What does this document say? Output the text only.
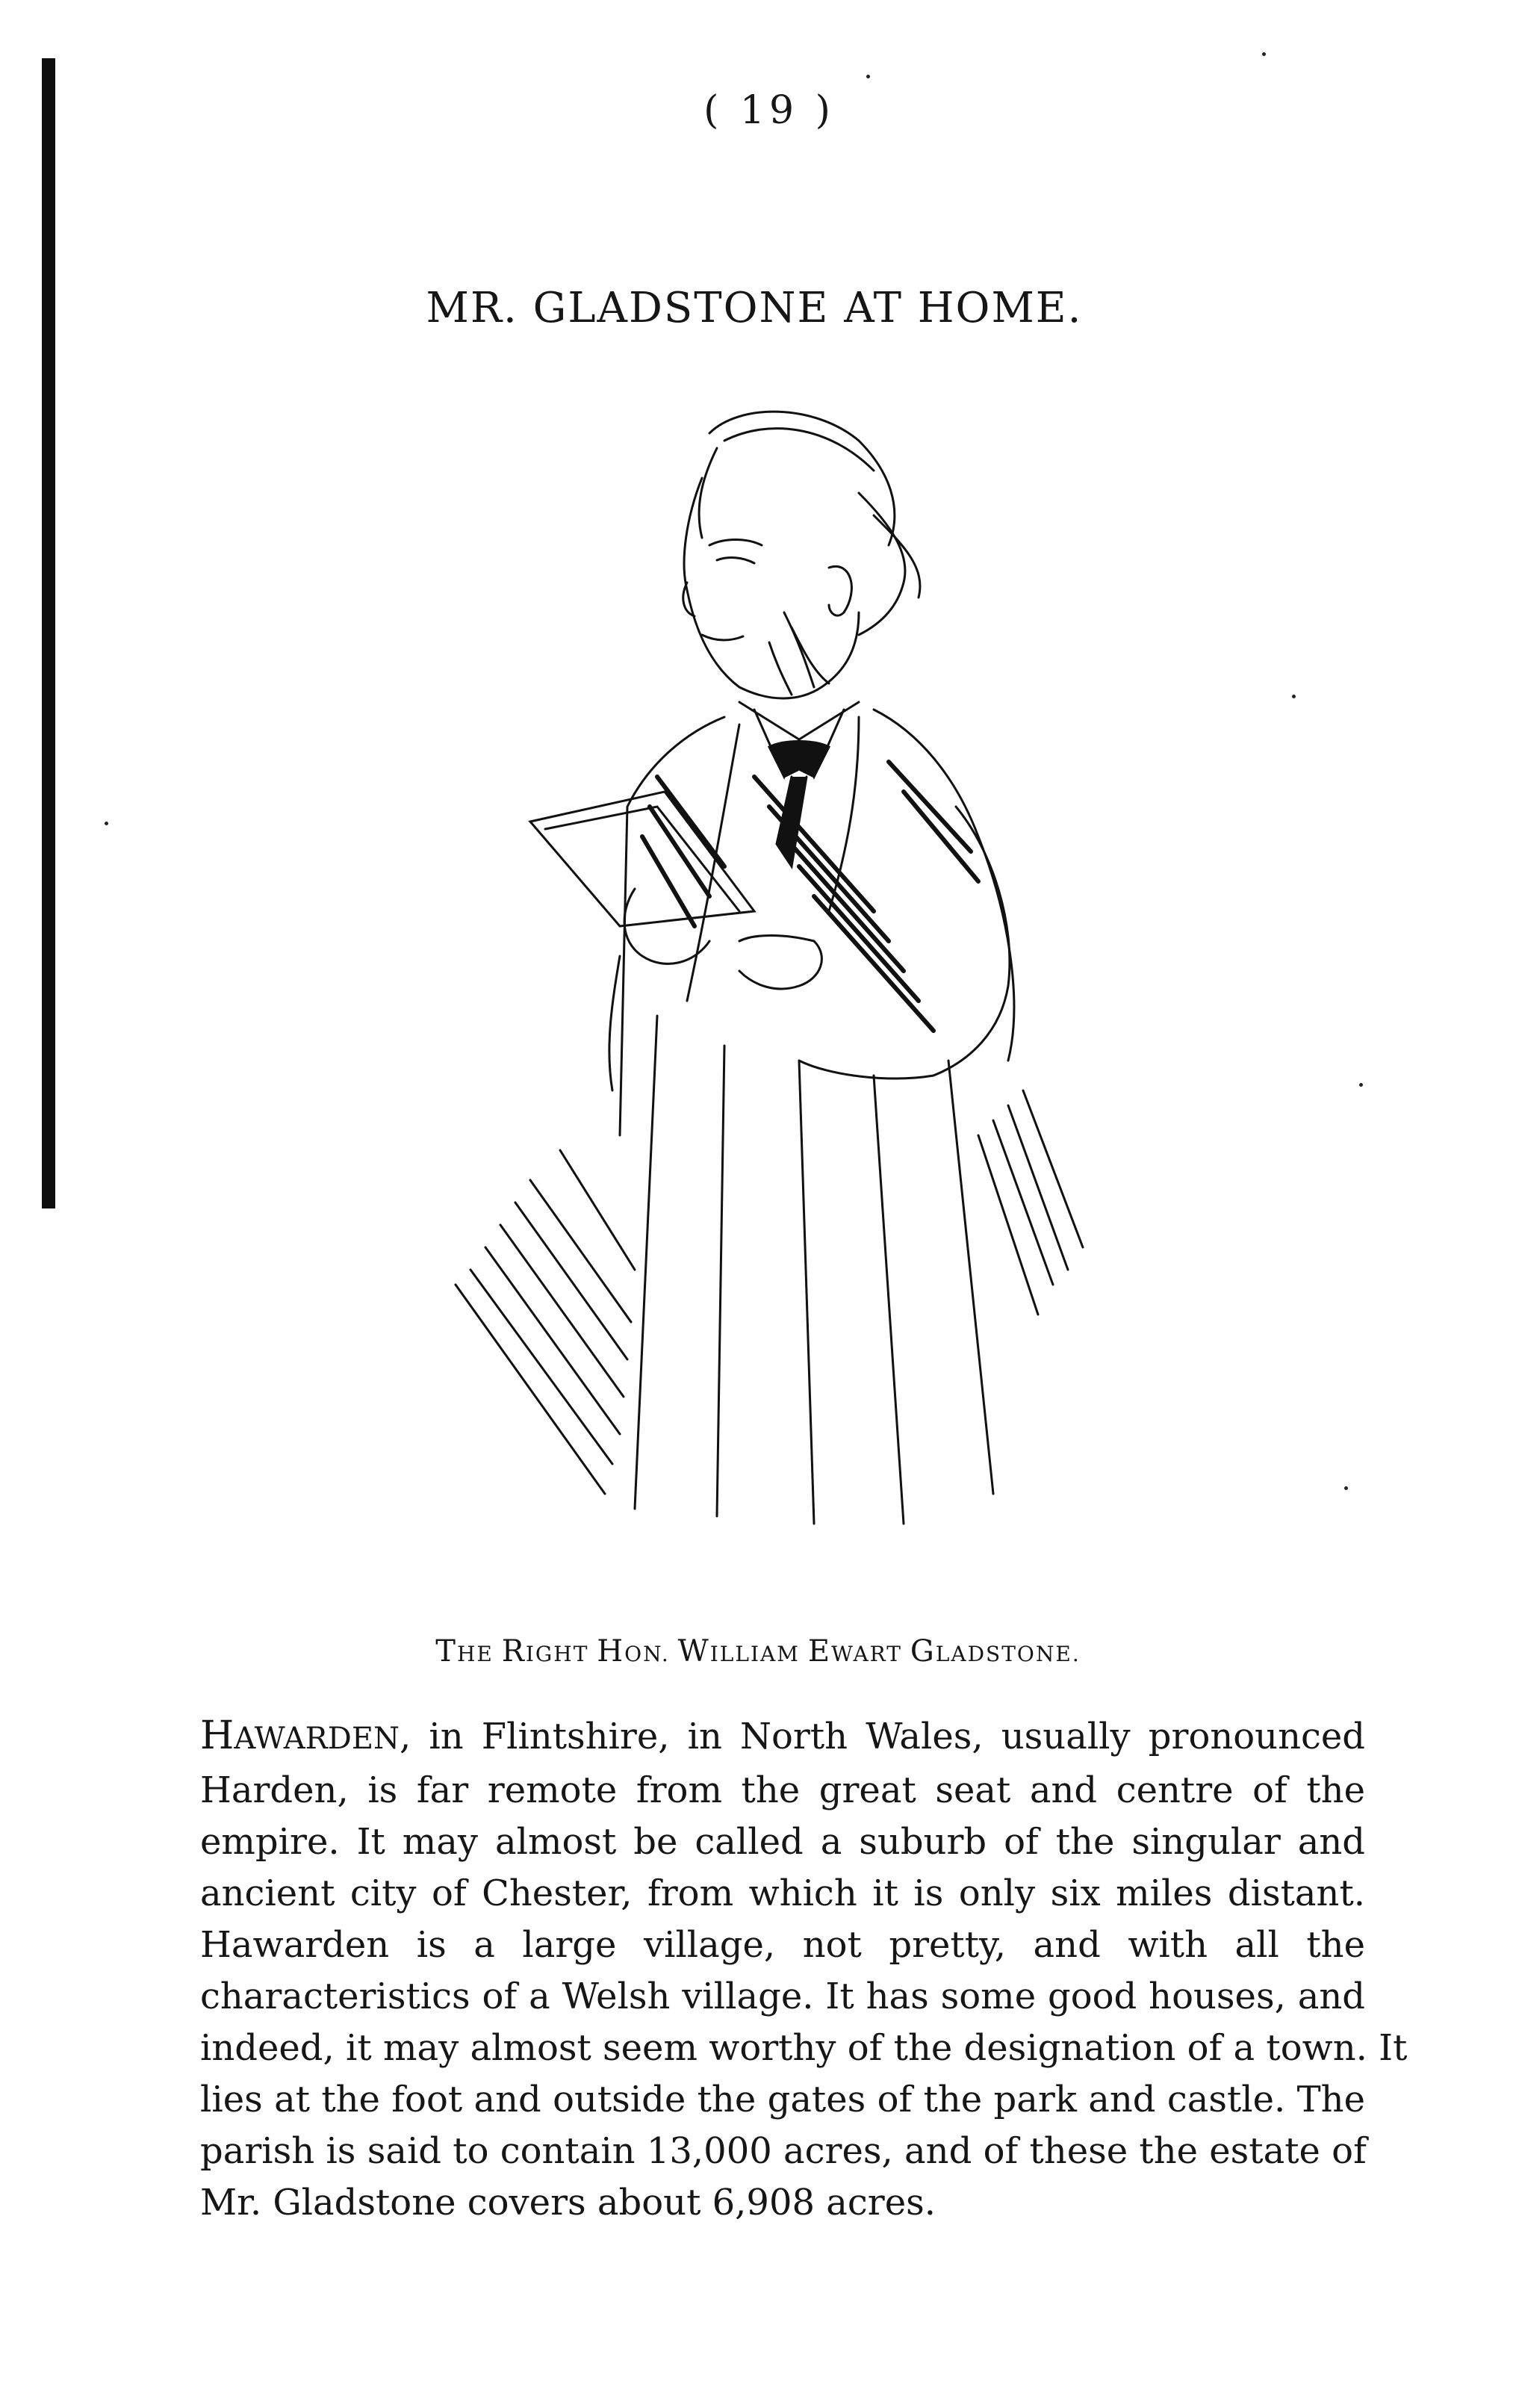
( 19 )
MR. GLADSTONE AT HOME.
THE RIGHT HON. WILLIAM EWART GLADSTONE.
HAWARDEN, in Flintshire, in North Wales, usually pronounced
Harden, is far remote from the great seat and centre of the
empire. It may almost be called a suburb of the singular and
ancient city of Chester, from which it is only six miles distant.
Hawarden is a large village, not pretty, and with all the
characteristics of a Welsh village. It has some good houses, and
indeed, it may almost seem worthy of the designation of a town. It
lies at the foot and outside the gates of the park and castle. The
parish is said to contain 13,000 acres, and of these the estate of
Mr. Gladstone covers about 6,908 acres.
